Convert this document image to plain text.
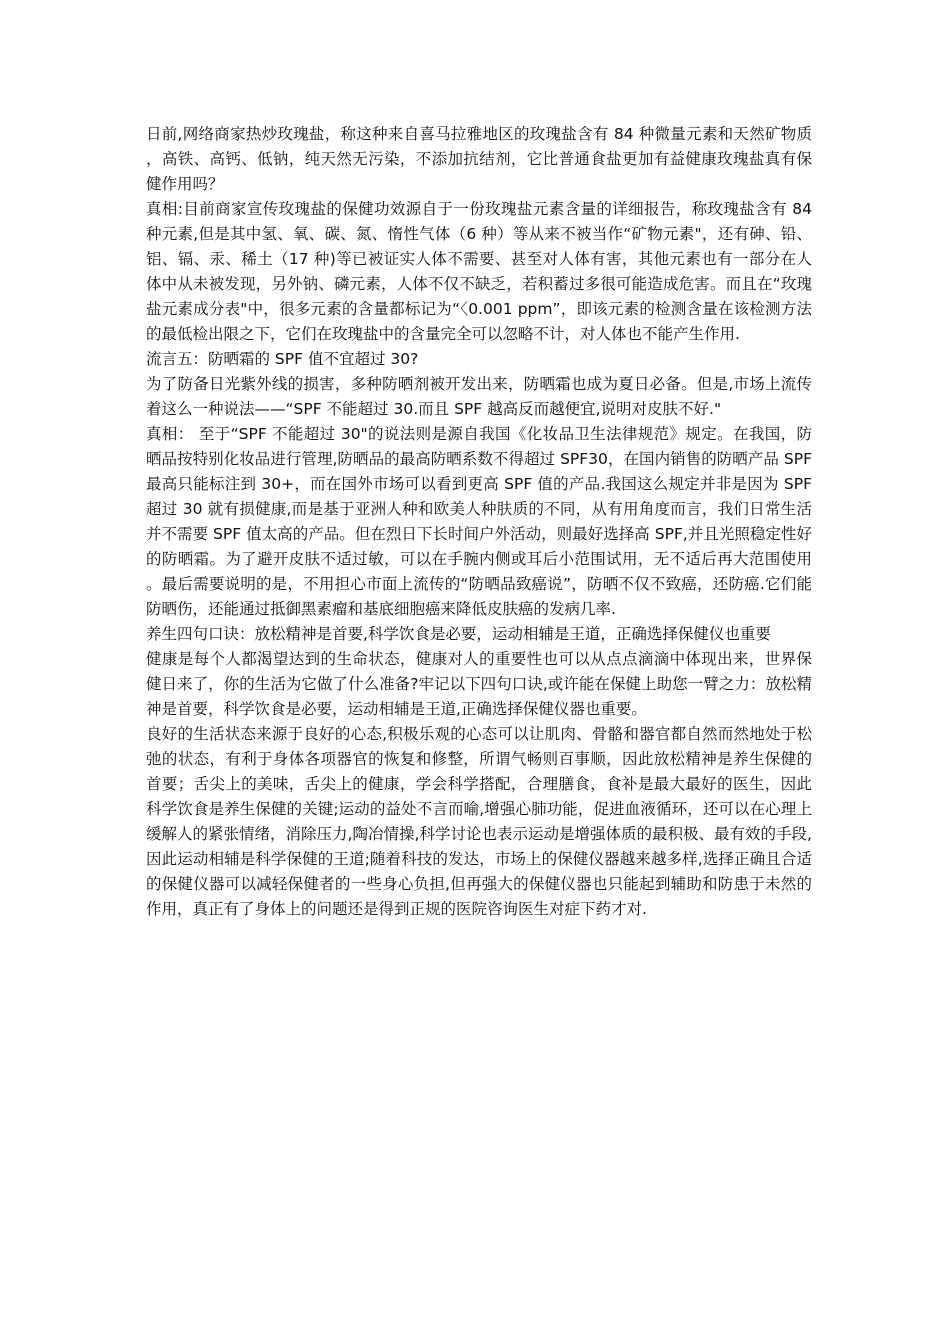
日前,网络商家热炒玫瑰盐，称这种来自喜马拉雅地区的玫瑰盐含有 84 种微量元素和天然矿物质，高铁、高钙、低钠，纯天然无污染，不添加抗结剂，它比普通食盐更加有益健康玫瑰盐真有保健作用吗？

真相:目前商家宣传玫瑰盐的保健功效源自于一份玫瑰盐元素含量的详细报告，称玫瑰盐含有 84 种元素,但是其中氢、氧、碳、氮、惰性气体（6 种）等从来不被当作“矿物元素"，还有砷、铅、铝、镉、汞、稀土（17 种)等已被证实人体不需要、甚至对人体有害，其他元素也有一部分在人体中从未被发现，另外钠、磷元素，人体不仅不缺乏，若积蓄过多很可能造成危害。而且在“玫瑰盐元素成分表"中，很多元素的含量都标记为“〈0.001 ppm”，即该元素的检测含量在该检测方法的最低检出限之下，它们在玫瑰盐中的含量完全可以忽略不计，对人体也不能产生作用.

流言五：防晒霜的 SPF 值不宜超过 30?

为了防备日光紫外线的损害，多种防晒剂被开发出来，防晒霜也成为夏日必备。但是,市场上流传着这么一种说法——“SPF 不能超过 30.而且 SPF 越高反而越便宜,说明对皮肤不好."

真相： 至于“SPF 不能超过 30"的说法则是源自我国《化妆品卫生法律规范》规定。在我国，防晒品按特别化妆品进行管理,防晒品的最高防晒系数不得超过 SPF30，在国内销售的防晒产品 SPF 最高只能标注到 30+，而在国外市场可以看到更高 SPF 值的产品.我国这么规定并非是因为 SPF 超过 30 就有损健康,而是基于亚洲人种和欧美人种肤质的不同，从有用角度而言，我们日常生活并不需要 SPF 值太高的产品。但在烈日下长时间户外活动，则最好选择高 SPF,并且光照稳定性好的防晒霜。为了避开皮肤不适过敏，可以在手腕内侧或耳后小范围试用，无不适后再大范围使用。最后需要说明的是，不用担心市面上流传的“防晒品致癌说”，防晒不仅不致癌，还防癌.它们能防晒伤，还能通过抵御黑素瘤和基底细胞癌来降低皮肤癌的发病几率.

养生四句口诀：放松精神是首要,科学饮食是必要，运动相辅是王道，正确选择保健仪也重要

健康是每个人都渴望达到的生命状态，健康对人的重要性也可以从点点滴滴中体现出来，世界保健日来了，你的生活为它做了什么准备?牢记以下四句口诀,或许能在保健上助您一臂之力：放松精神是首要，科学饮食是必要，运动相辅是王道,正确选择保健仪器也重要。

良好的生活状态来源于良好的心态,积极乐观的心态可以让肌肉、骨骼和器官都自然而然地处于松弛的状态，有利于身体各项器官的恢复和修整，所谓气畅则百事顺，因此放松精神是养生保健的首要；舌尖上的美味，舌尖上的健康，学会科学搭配，合理膳食，食补是最大最好的医生，因此科学饮食是养生保健的关键;运动的益处不言而喻,增强心肺功能，促进血液循环，还可以在心理上缓解人的紧张情绪，消除压力,陶冶情操,科学讨论也表示运动是增强体质的最积极、最有效的手段,因此运动相辅是科学保健的王道;随着科技的发达，市场上的保健仪器越来越多样,选择正确且合适的保健仪器可以减轻保健者的一些身心负担,但再强大的保健仪器也只能起到辅助和防患于未然的作用，真正有了身体上的问题还是得到正规的医院咨询医生对症下药才对.
